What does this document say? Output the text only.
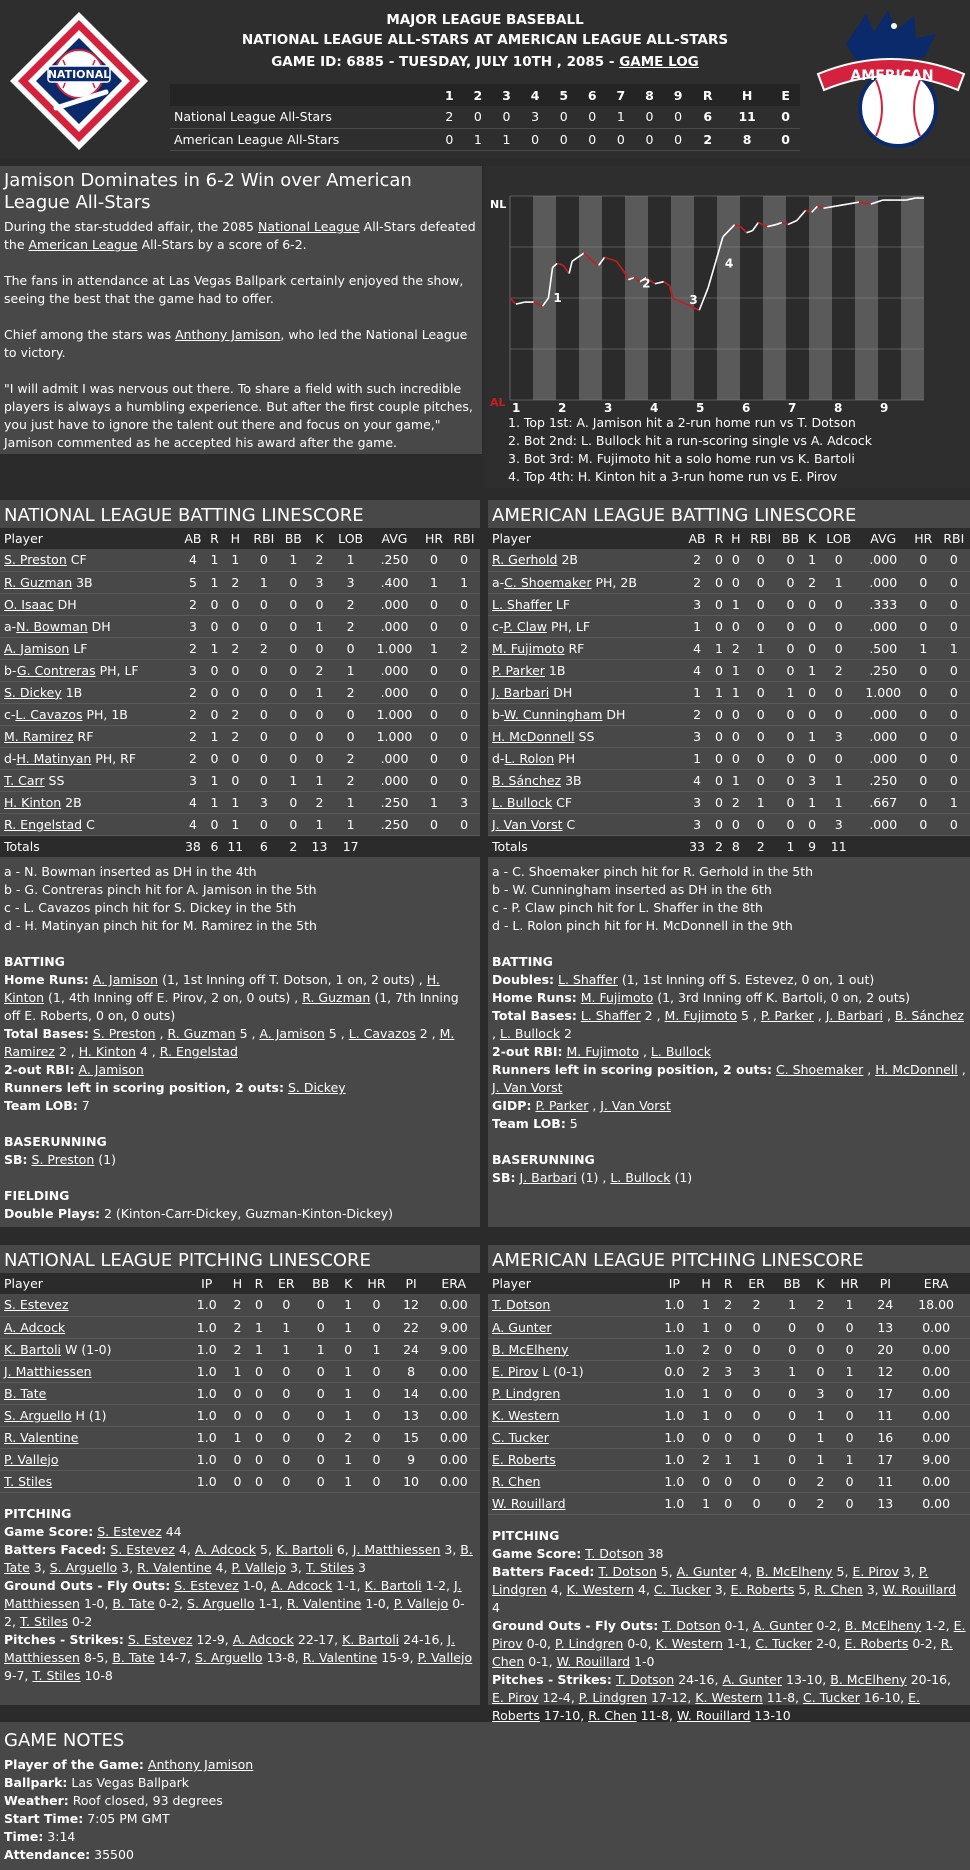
NATIONAL
MAJOR LEAGUE BASEBALL
NATIONAL LEAGUE ALL-STARS AT AMERICAN LEAGUE ALL-STARS
GAME ID: 6885 - TUESDAY, JULY 10TH , 2085 - GAME LOG
	1	2	3	4	5	6	7	8	9	R	H	E
National League All-Stars	2	0	0	3	0	0	1	0	0	6	11	0
American League All-Stars	0	1	1	0	0	0	0	0	0	2	8	0
AMERICAN
Jamison Dominates in 6-2 Win over American League All-Stars

During the star-studded affair, the 2085 National League All-Stars defeated the American League All-Stars by a score of 6-2.

The fans in attendance at Las Vegas Ballpark certainly enjoyed the show, seeing the best that the game had to offer.

Chief among the stars was Anthony Jamison, who led the National League to victory.

"I will admit I was nervous out there. To share a field with such incredible players is always a humbling experience. But after the first couple pitches, you just have to ignore the talent out there and focus on your game," Jamison commented as he accepted his award after the game.

NL
AL
1
2
3
4
1	2	3	4	5	6	7	8	9
1. Top 1st: A. Jamison hit a 2-run home run vs T. Dotson
2. Bot 2nd: L. Bullock hit a run-scoring single vs A. Adcock
3. Bot 3rd: M. Fujimoto hit a solo home run vs K. Bartoli
4. Top 4th: H. Kinton hit a 3-run home run vs E. Pirov
NATIONAL LEAGUE BATTING LINESCORE
Player	AB	R	H	RBI	BB	K	LOB	AVG	HR	RBI
S. Preston CF	4	1	1	0	1	2	1	.250	0	0
R. Guzman 3B	5	1	2	1	0	3	3	.400	1	1
O. Isaac DH	2	0	0	0	0	0	2	.000	0	0
a-N. Bowman DH	3	0	0	0	0	1	2	.000	0	0
A. Jamison LF	2	1	2	2	0	0	0	1.000	1	2
b-G. Contreras PH, LF	3	0	0	0	0	2	1	.000	0	0
S. Dickey 1B	2	0	0	0	0	1	2	.000	0	0
c-L. Cavazos PH, 1B	2	0	2	0	0	0	0	1.000	0	0
M. Ramirez RF	2	1	2	0	0	0	0	1.000	0	0
d-H. Matinyan PH, RF	2	0	0	0	0	0	2	.000	0	0
T. Carr SS	3	1	0	0	1	1	2	.000	0	0
H. Kinton 2B	4	1	1	3	0	2	1	.250	1	3
R. Engelstad C	4	0	1	0	0	1	1	.250	0	0
Totals	38	6	11	6	2	13	17			
a - N. Bowman inserted as DH in the 4th
b - G. Contreras pinch hit for A. Jamison in the 5th
c - L. Cavazos pinch hit for S. Dickey in the 5th
d - H. Matinyan pinch hit for M. Ramirez in the 5th
BATTING
Home Runs: A. Jamison (1, 1st Inning off T. Dotson, 1 on, 2 outs) , H. Kinton (1, 4th Inning off E. Pirov, 2 on, 0 outs) , R. Guzman (1, 7th Inning off E. Roberts, 0 on, 0 outs)
Total Bases: S. Preston , R. Guzman 5 , A. Jamison 5 , L. Cavazos 2 , M. Ramirez 2 , H. Kinton 4 , R. Engelstad
2-out RBI: A. Jamison
Runners left in scoring position, 2 outs: S. Dickey
Team LOB: 7
BASERUNNING
SB: S. Preston (1)
FIELDING
Double Plays: 2 (Kinton-Carr-Dickey, Guzman-Kinton-Dickey)
AMERICAN LEAGUE BATTING LINESCORE
Player	AB	R	H	RBI	BB	K	LOB	AVG	HR	RBI
R. Gerhold 2B	2	0	0	0	0	1	0	.000	0	0
a-C. Shoemaker PH, 2B	2	0	0	0	0	2	1	.000	0	0
L. Shaffer LF	3	0	1	0	0	0	0	.333	0	0
c-P. Claw PH, LF	1	0	0	0	0	0	0	.000	0	0
M. Fujimoto RF	4	1	2	1	0	0	0	.500	1	1
P. Parker 1B	4	0	1	0	0	1	2	.250	0	0
J. Barbari DH	1	1	1	0	1	0	0	1.000	0	0
b-W. Cunningham DH	2	0	0	0	0	0	0	.000	0	0
H. McDonnell SS	3	0	0	0	0	1	3	.000	0	0
d-L. Rolon PH	1	0	0	0	0	0	0	.000	0	0
B. Sánchez 3B	4	0	1	0	0	3	1	.250	0	0
L. Bullock CF	3	0	2	1	0	1	1	.667	0	1
J. Van Vorst C	3	0	0	0	0	0	3	.000	0	0
Totals	33	2	8	2	1	9	11			
a - C. Shoemaker pinch hit for R. Gerhold in the 5th
b - W. Cunningham inserted as DH in the 6th
c - P. Claw pinch hit for L. Shaffer in the 8th
d - L. Rolon pinch hit for H. McDonnell in the 9th
BATTING
Doubles: L. Shaffer (1, 1st Inning off S. Estevez, 0 on, 1 out)
Home Runs: M. Fujimoto (1, 3rd Inning off K. Bartoli, 0 on, 2 outs)
Total Bases: L. Shaffer 2 , M. Fujimoto 5 , P. Parker , J. Barbari , B. Sánchez , L. Bullock 2
2-out RBI: M. Fujimoto , L. Bullock
Runners left in scoring position, 2 outs: C. Shoemaker , H. McDonnell , J. Van Vorst
GIDP: P. Parker , J. Van Vorst
Team LOB: 5
BASERUNNING
SB: J. Barbari (1) , L. Bullock (1)
NATIONAL LEAGUE PITCHING LINESCORE
Player	IP	H	R	ER	BB	K	HR	PI	ERA
S. Estevez	1.0	2	0	0	0	1	0	12	0.00
A. Adcock	1.0	2	1	1	0	1	0	22	9.00
K. Bartoli W (1-0)	1.0	2	1	1	1	0	1	24	9.00
J. Matthiessen	1.0	1	0	0	0	1	0	8	0.00
B. Tate	1.0	0	0	0	0	1	0	14	0.00
S. Arguello H (1)	1.0	0	0	0	0	1	0	13	0.00
R. Valentine	1.0	1	0	0	0	2	0	15	0.00
P. Vallejo	1.0	0	0	0	0	1	0	9	0.00
T. Stiles	1.0	0	0	0	0	1	0	10	0.00
PITCHING
Game Score: S. Estevez 44
Batters Faced: S. Estevez 4, A. Adcock 5, K. Bartoli 6, J. Matthiessen 3, B. Tate 3, S. Arguello 3, R. Valentine 4, P. Vallejo 3, T. Stiles 3
Ground Outs - Fly Outs: S. Estevez 1-0, A. Adcock 1-1, K. Bartoli 1-2, J. Matthiessen 1-0, B. Tate 0-2, S. Arguello 1-1, R. Valentine 1-0, P. Vallejo 0-2, T. Stiles 0-2
Pitches - Strikes: S. Estevez 12-9, A. Adcock 22-17, K. Bartoli 24-16, J. Matthiessen 8-5, B. Tate 14-7, S. Arguello 13-8, R. Valentine 15-9, P. Vallejo 9-7, T. Stiles 10-8
AMERICAN LEAGUE PITCHING LINESCORE
Player	IP	H	R	ER	BB	K	HR	PI	ERA
T. Dotson	1.0	1	2	2	1	2	1	24	18.00
A. Gunter	1.0	1	0	0	0	0	0	13	0.00
B. McElheny	1.0	2	0	0	0	0	0	20	0.00
E. Pirov L (0-1)	0.0	2	3	3	1	0	1	12	0.00
P. Lindgren	1.0	1	0	0	0	3	0	17	0.00
K. Western	1.0	1	0	0	0	1	0	11	0.00
C. Tucker	1.0	0	0	0	0	1	0	16	0.00
E. Roberts	1.0	2	1	1	0	1	1	17	9.00
R. Chen	1.0	0	0	0	0	2	0	11	0.00
W. Rouillard	1.0	1	0	0	0	2	0	13	0.00
PITCHING
Game Score: T. Dotson 38
Batters Faced: T. Dotson 5, A. Gunter 4, B. McElheny 5, E. Pirov 3, P. Lindgren 4, K. Western 4, C. Tucker 3, E. Roberts 5, R. Chen 3, W. Rouillard 4
Ground Outs - Fly Outs: T. Dotson 0-1, A. Gunter 0-2, B. McElheny 1-2, E. Pirov 0-0, P. Lindgren 0-0, K. Western 1-1, C. Tucker 2-0, E. Roberts 0-2, R. Chen 0-1, W. Rouillard 1-0
Pitches - Strikes: T. Dotson 24-16, A. Gunter 13-10, B. McElheny 20-16, E. Pirov 12-4, P. Lindgren 17-12, K. Western 11-8, C. Tucker 16-10, E. Roberts 17-10, R. Chen 11-8, W. Rouillard 13-10
GAME NOTES
Player of the Game: Anthony Jamison
Ballpark: Las Vegas Ballpark
Weather: Roof closed, 93 degrees
Start Time: 7:05 PM GMT
Time: 3:14
Attendance: 35500
